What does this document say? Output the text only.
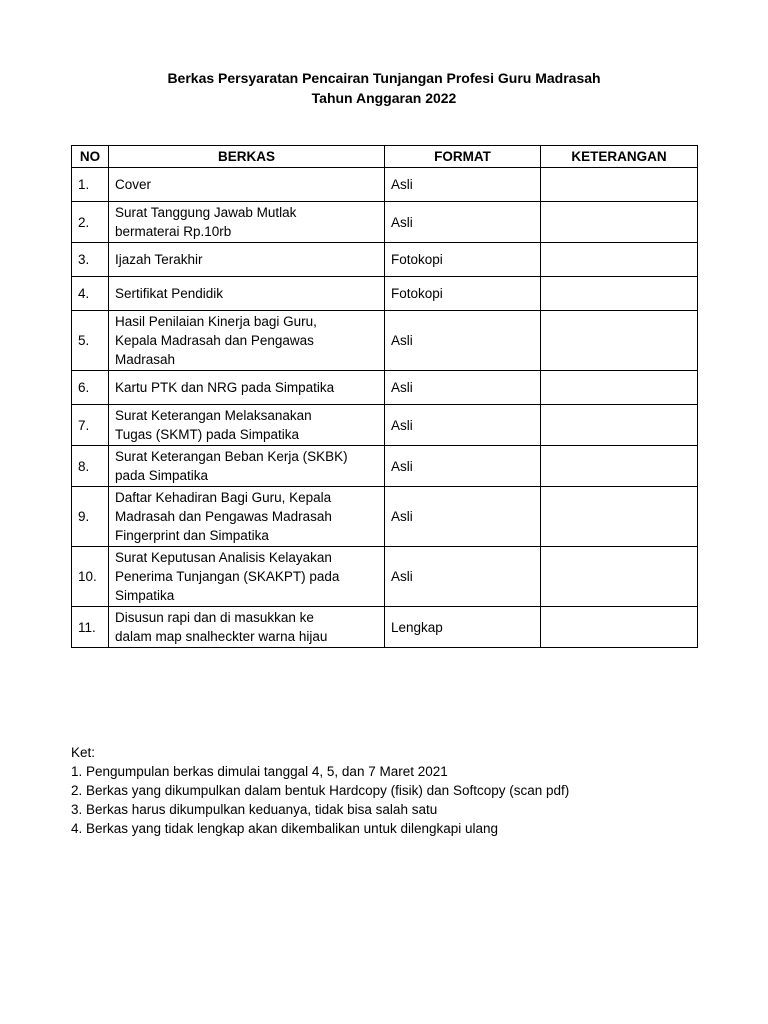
Berkas Persyaratan Pencairan Tunjangan Profesi Guru Madrasah
Tahun Anggaran 2022
NO	BERKAS	FORMAT	KETERANGAN
1.	Cover	Asli	
2.	Surat Tanggung Jawab Mutlak
bermaterai Rp.10rb	Asli	
3.	Ijazah Terakhir	Fotokopi	
4.	Sertifikat Pendidik	Fotokopi	
5.	Hasil Penilaian Kinerja bagi Guru,
Kepala Madrasah dan Pengawas
Madrasah	Asli	
6.	Kartu PTK dan NRG pada Simpatika	Asli	
7.	Surat Keterangan Melaksanakan
Tugas (SKMT) pada Simpatika	Asli	
8.	Surat Keterangan Beban Kerja (SKBK)
pada Simpatika	Asli	
9.	Daftar Kehadiran Bagi Guru, Kepala
Madrasah dan Pengawas Madrasah
Fingerprint dan Simpatika	Asli	
10.	Surat Keputusan Analisis Kelayakan
Penerima Tunjangan (SKAKPT) pada
Simpatika	Asli	
11.	Disusun rapi dan di masukkan ke
dalam map snalheckter warna hijau	Lengkap	
Ket:
1. Pengumpulan berkas dimulai tanggal 4, 5, dan 7 Maret 2021
2. Berkas yang dikumpulkan dalam bentuk Hardcopy (fisik) dan Softcopy (scan pdf)
3. Berkas harus dikumpulkan keduanya, tidak bisa salah satu
4. Berkas yang tidak lengkap akan dikembalikan untuk dilengkapi ulang
